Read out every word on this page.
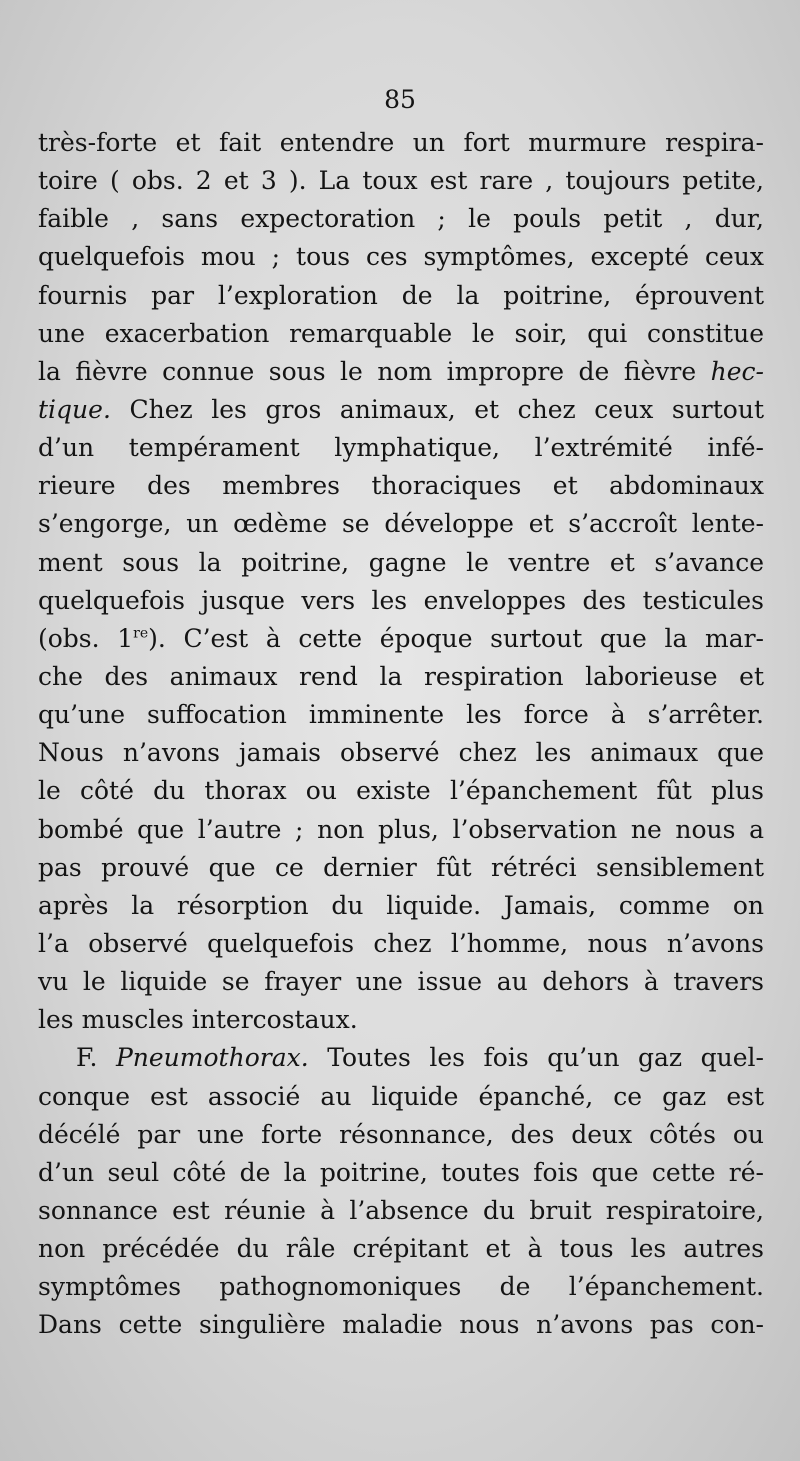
85
très-forte et fait entendre un fort murmure respira-
toire ( obs. 2 et 3 ). La toux est rare , toujours petite,
faible , sans expectoration ; le pouls petit , dur,
quelquefois mou ; tous ces symptômes, excepté ceux
fournis par l’exploration de la poitrine, éprouvent
une exacerbation remarquable le soir, qui constitue
la fièvre connue sous le nom impropre de fièvre hec-
tique. Chez les gros animaux, et chez ceux surtout
d’un tempérament lymphatique, l’extrémité infé-
rieure des membres thoraciques et abdominaux
s’engorge, un œdème se développe et s’accroît lente-
ment sous la poitrine, gagne le ventre et s’avance
quelquefois jusque vers les enveloppes des testicules
(obs. 1re). C’est à cette époque surtout que la mar-
che des animaux rend la respiration laborieuse et
qu’une suffocation imminente les force à s’arrêter.
Nous n’avons jamais observé chez les animaux que
le côté du thorax ou existe l’épanchement fût plus
bombé que l’autre ; non plus, l’observation ne nous a
pas prouvé que ce dernier fût rétréci sensiblement
après la résorption du liquide. Jamais, comme on
l’a observé quelquefois chez l’homme, nous n’avons
vu le liquide se frayer une issue au dehors à travers
les muscles intercostaux.
F. Pneumothorax. Toutes les fois qu’un gaz quel-
conque est associé au liquide épanché, ce gaz est
décélé par une forte résonnance, des deux côtés ou
d’un seul côté de la poitrine, toutes fois que cette ré-
sonnance est réunie à l’absence du bruit respiratoire,
non précédée du râle crépitant et à tous les autres
symptômes pathognomoniques de l’épanchement.
Dans cette singulière maladie nous n’avons pas con-
